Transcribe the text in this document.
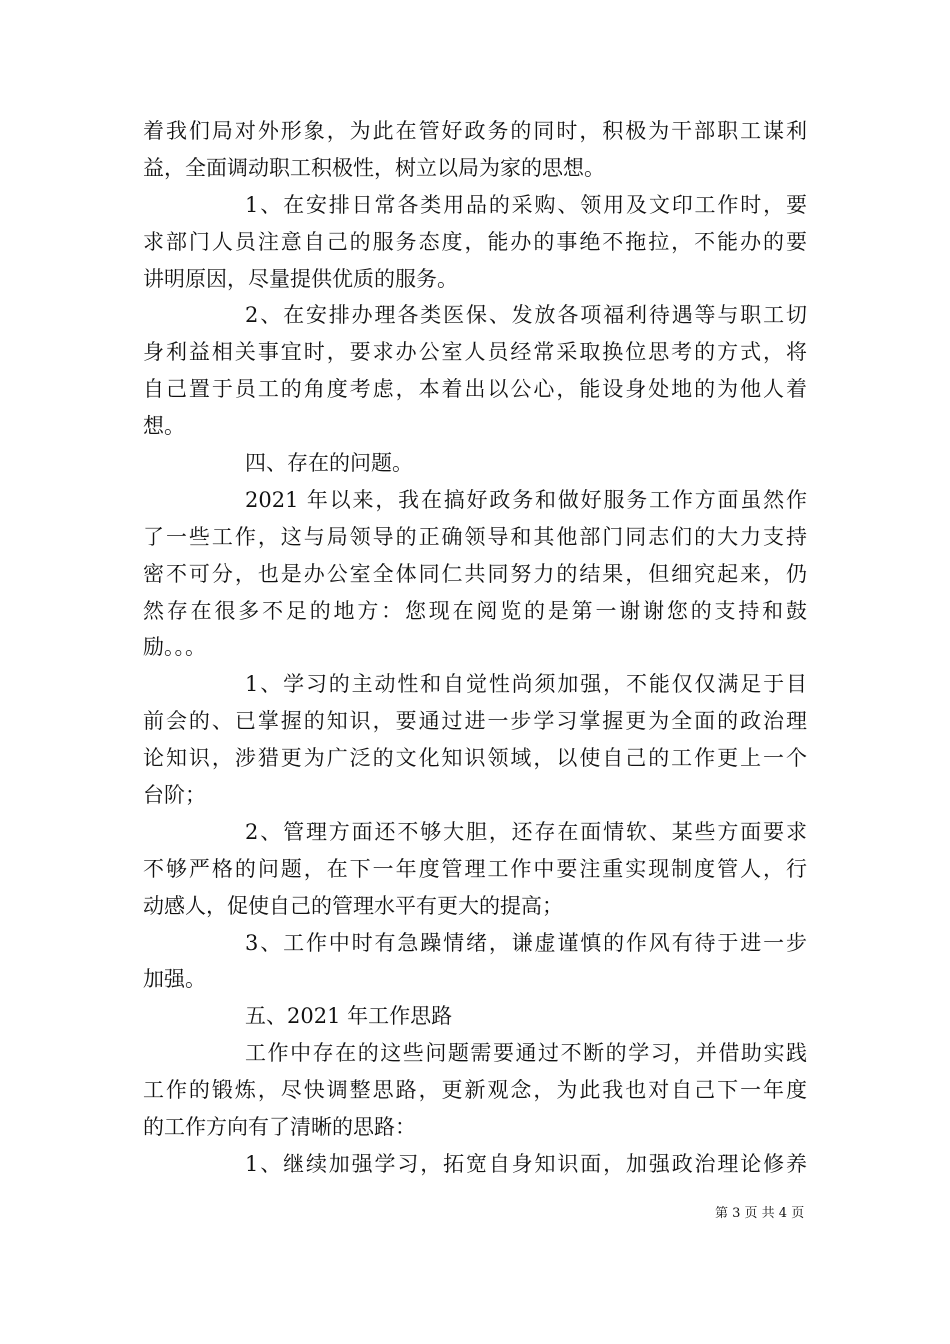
着我们局对外形象，为此在管好政务的同时，积极为干部职工谋利
益，全面调动职工积极性，树立以局为家的思想。
1、在安排日常各类用品的采购、领用及文印工作时，要
求部门人员注意自己的服务态度，能办的事绝不拖拉，不能办的要
讲明原因，尽量提供优质的服务。
2、在安排办理各类医保、发放各项福利待遇等与职工切
身利益相关事宜时，要求办公室人员经常采取换位思考的方式，将
自己置于员工的角度考虑，本着出以公心，能设身处地的为他人着
想。
四、存在的问题。
2021 年以来，我在搞好政务和做好服务工作方面虽然作
了一些工作，这与局领导的正确领导和其他部门同志们的大力支持
密不可分，也是办公室全体同仁共同努力的结果，但细究起来，仍
然存在很多不足的地方：您现在阅览的是第一谢谢您的支持和鼓
励。。。
1、学习的主动性和自觉性尚须加强，不能仅仅满足于目
前会的、已掌握的知识，要通过进一步学习掌握更为全面的政治理
论知识，涉猎更为广泛的文化知识领域，以使自己的工作更上一个
台阶；
2、管理方面还不够大胆，还存在面情软、某些方面要求
不够严格的问题，在下一年度管理工作中要注重实现制度管人，行
动感人，促使自己的管理水平有更大的提高；
3、工作中时有急躁情绪，谦虚谨慎的作风有待于进一步
加强。
五、2021 年工作思路
工作中存在的这些问题需要通过不断的学习，并借助实践
工作的锻炼，尽快调整思路，更新观念，为此我也对自己下一年度
的工作方向有了清晰的思路：
1、继续加强学习，拓宽自身知识面，加强政治理论修养
第 3 页 共 4 页
